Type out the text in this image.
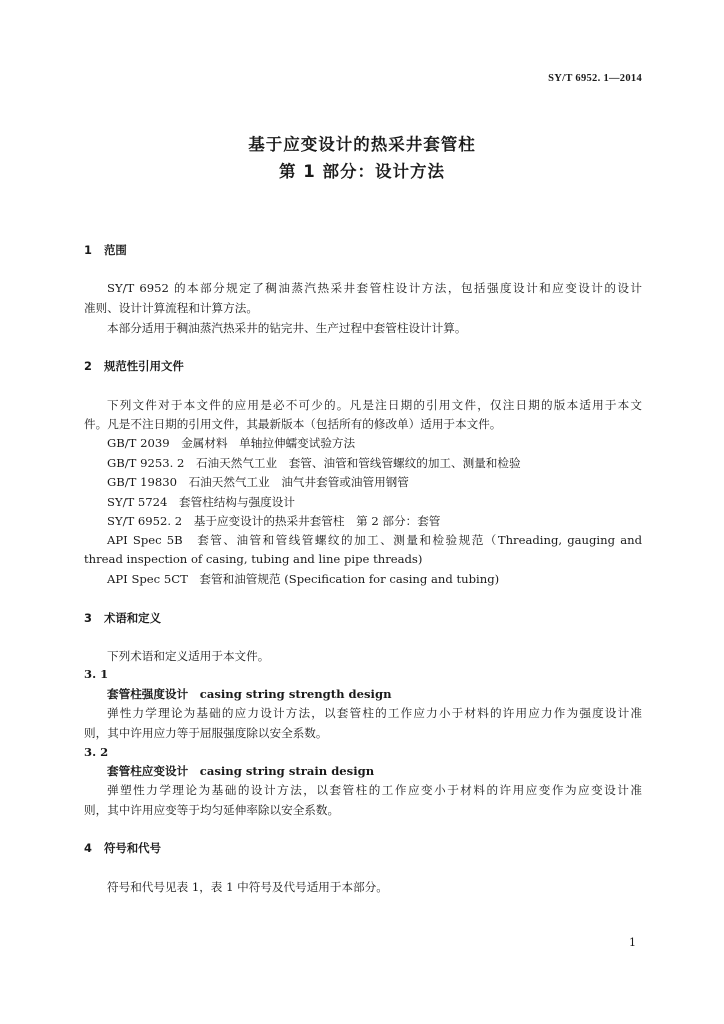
SY/T 6952. 1—2014
基于应变设计的热采井套管柱
第 1 部分：设计方法
1 范围
SY/T 6952 的本部分规定了稠油蒸汽热采井套管柱设计方法，包括强度设计和应变设计的设计
准则、设计计算流程和计算方法。
本部分适用于稠油蒸汽热采井的钻完井、生产过程中套管柱设计计算。
2 规范性引用文件
下列文件对于本文件的应用是必不可少的。凡是注日期的引用文件，仅注日期的版本适用于本文
件。凡是不注日期的引用文件，其最新版本（包括所有的修改单）适用于本文件。
GB/T 2039　金属材料　单轴拉伸蠕变试验方法
GB/T 9253. 2　石油天然气工业　套管、油管和管线管螺纹的加工、测量和检验
GB/T 19830　石油天然气工业　油气井套管或油管用钢管
SY/T 5724　套管柱结构与强度设计
SY/T 6952. 2　基于应变设计的热采井套管柱　第 2 部分：套管
API Spec 5B　套管、油管和管线管螺纹的加工、测量和检验规范（Threading, gauging and
thread inspection of casing, tubing and line pipe threads)
API Spec 5CT　套管和油管规范 (Specification for casing and tubing)
3 术语和定义
下列术语和定义适用于本文件。
3. 1
套管柱强度设计　 casing string strength design
弹性力学理论为基础的应力设计方法，以套管柱的工作应力小于材料的许用应力作为强度设计准
则，其中许用应力等于屈服强度除以安全系数。
3. 2
套管柱应变设计　 casing string strain design
弹塑性力学理论为基础的设计方法，以套管柱的工作应变小于材料的许用应变作为应变设计准
则，其中许用应变等于均匀延伸率除以安全系数。
4 符号和代号
符号和代号见表 1，表 1 中符号及代号适用于本部分。
1
